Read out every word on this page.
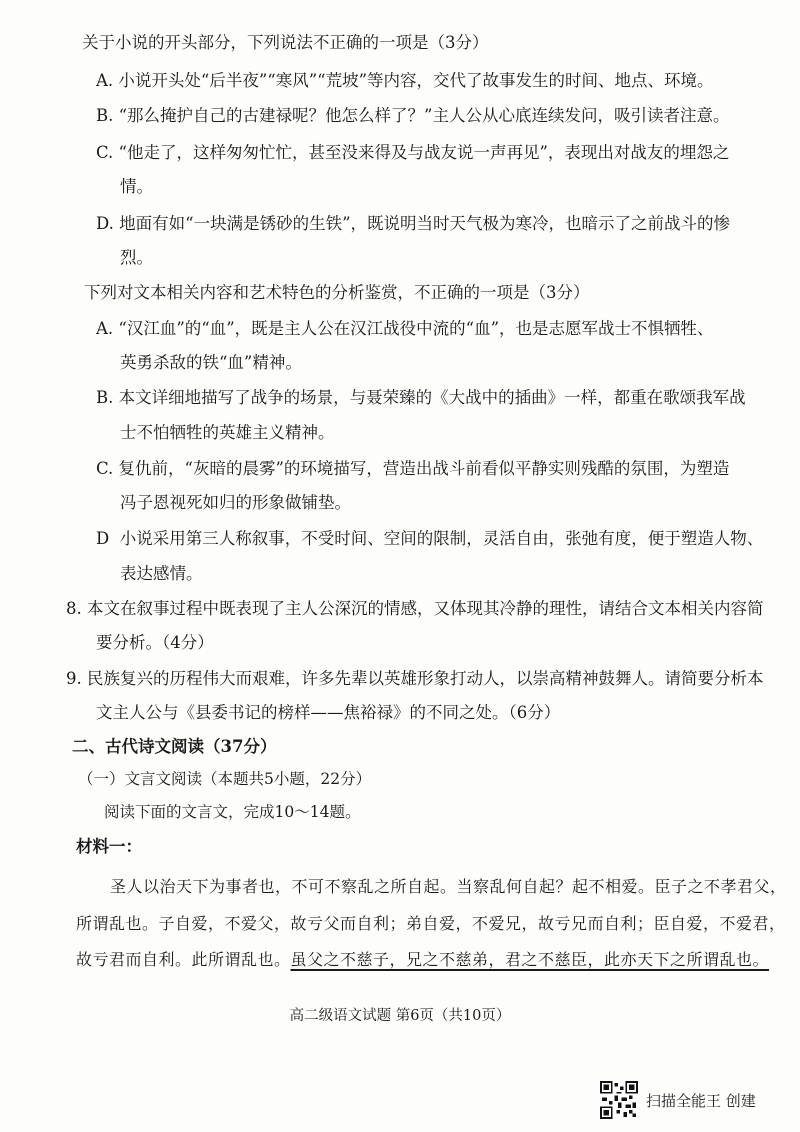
关于小说的开头部分，下列说法不正确的一项是（3分）
A. 小说开头处“后半夜”“寒风”“荒坡”等内容，交代了故事发生的时间、地点、环境。
B. “那么掩护自己的古建禄呢？他怎么样了？”主人公从心底连续发问，吸引读者注意。
C. “他走了，这样匆匆忙忙，甚至没来得及与战友说一声再见”，表现出对战友的埋怨之
情。
D. 地面有如“一块满是锈砂的生铁”，既说明当时天气极为寒冷，也暗示了之前战斗的惨
烈。
下列对文本相关内容和艺术特色的分析鉴赏，不正确的一项是（3分）
A. “汉江血”的“血”，既是主人公在汉江战役中流的“血”，也是志愿军战士不惧牺牲、
英勇杀敌的铁“血”精神。
B. 本文详细地描写了战争的场景，与聂荣臻的《大战中的插曲》一样，都重在歌颂我军战
士不怕牺牲的英雄主义精神。
C. 复仇前，“灰暗的晨雾”的环境描写，营造出战斗前看似平静实则残酷的氛围，为塑造
冯子恩视死如归的形象做铺垫。
D 小说采用第三人称叙事，不受时间、空间的限制，灵活自由，张弛有度，便于塑造人物、
表达感情。
8. 本文在叙事过程中既表现了主人公深沉的情感，又体现其冷静的理性，请结合文本相关内容简
要分析。（4分）
9. 民族复兴的历程伟大而艰难，许多先辈以英雄形象打动人，以崇高精神鼓舞人。请简要分析本
文主人公与《县委书记的榜样——焦裕禄》的不同之处。（6分）
二、古代诗文阅读（37分）
（一）文言文阅读（本题共5小题，22分）
阅读下面的文言文，完成10～14题。
材料一：
圣人以治天下为事者也，不可不察乱之所自起。当察乱何自起？起不相爱。臣子之不孝君父，
所谓乱也。子自爱，不爱父，故亏父而自利；弟自爱，不爱兄，故亏兄而自利；臣自爱，不爱君，
故亏君而自利。此所谓乱也。虽父之不慈子，兄之不慈弟，君之不慈臣，此亦天下之所谓乱也。
高二级语文试题 第6页（共10页）
扫描全能王 创建
